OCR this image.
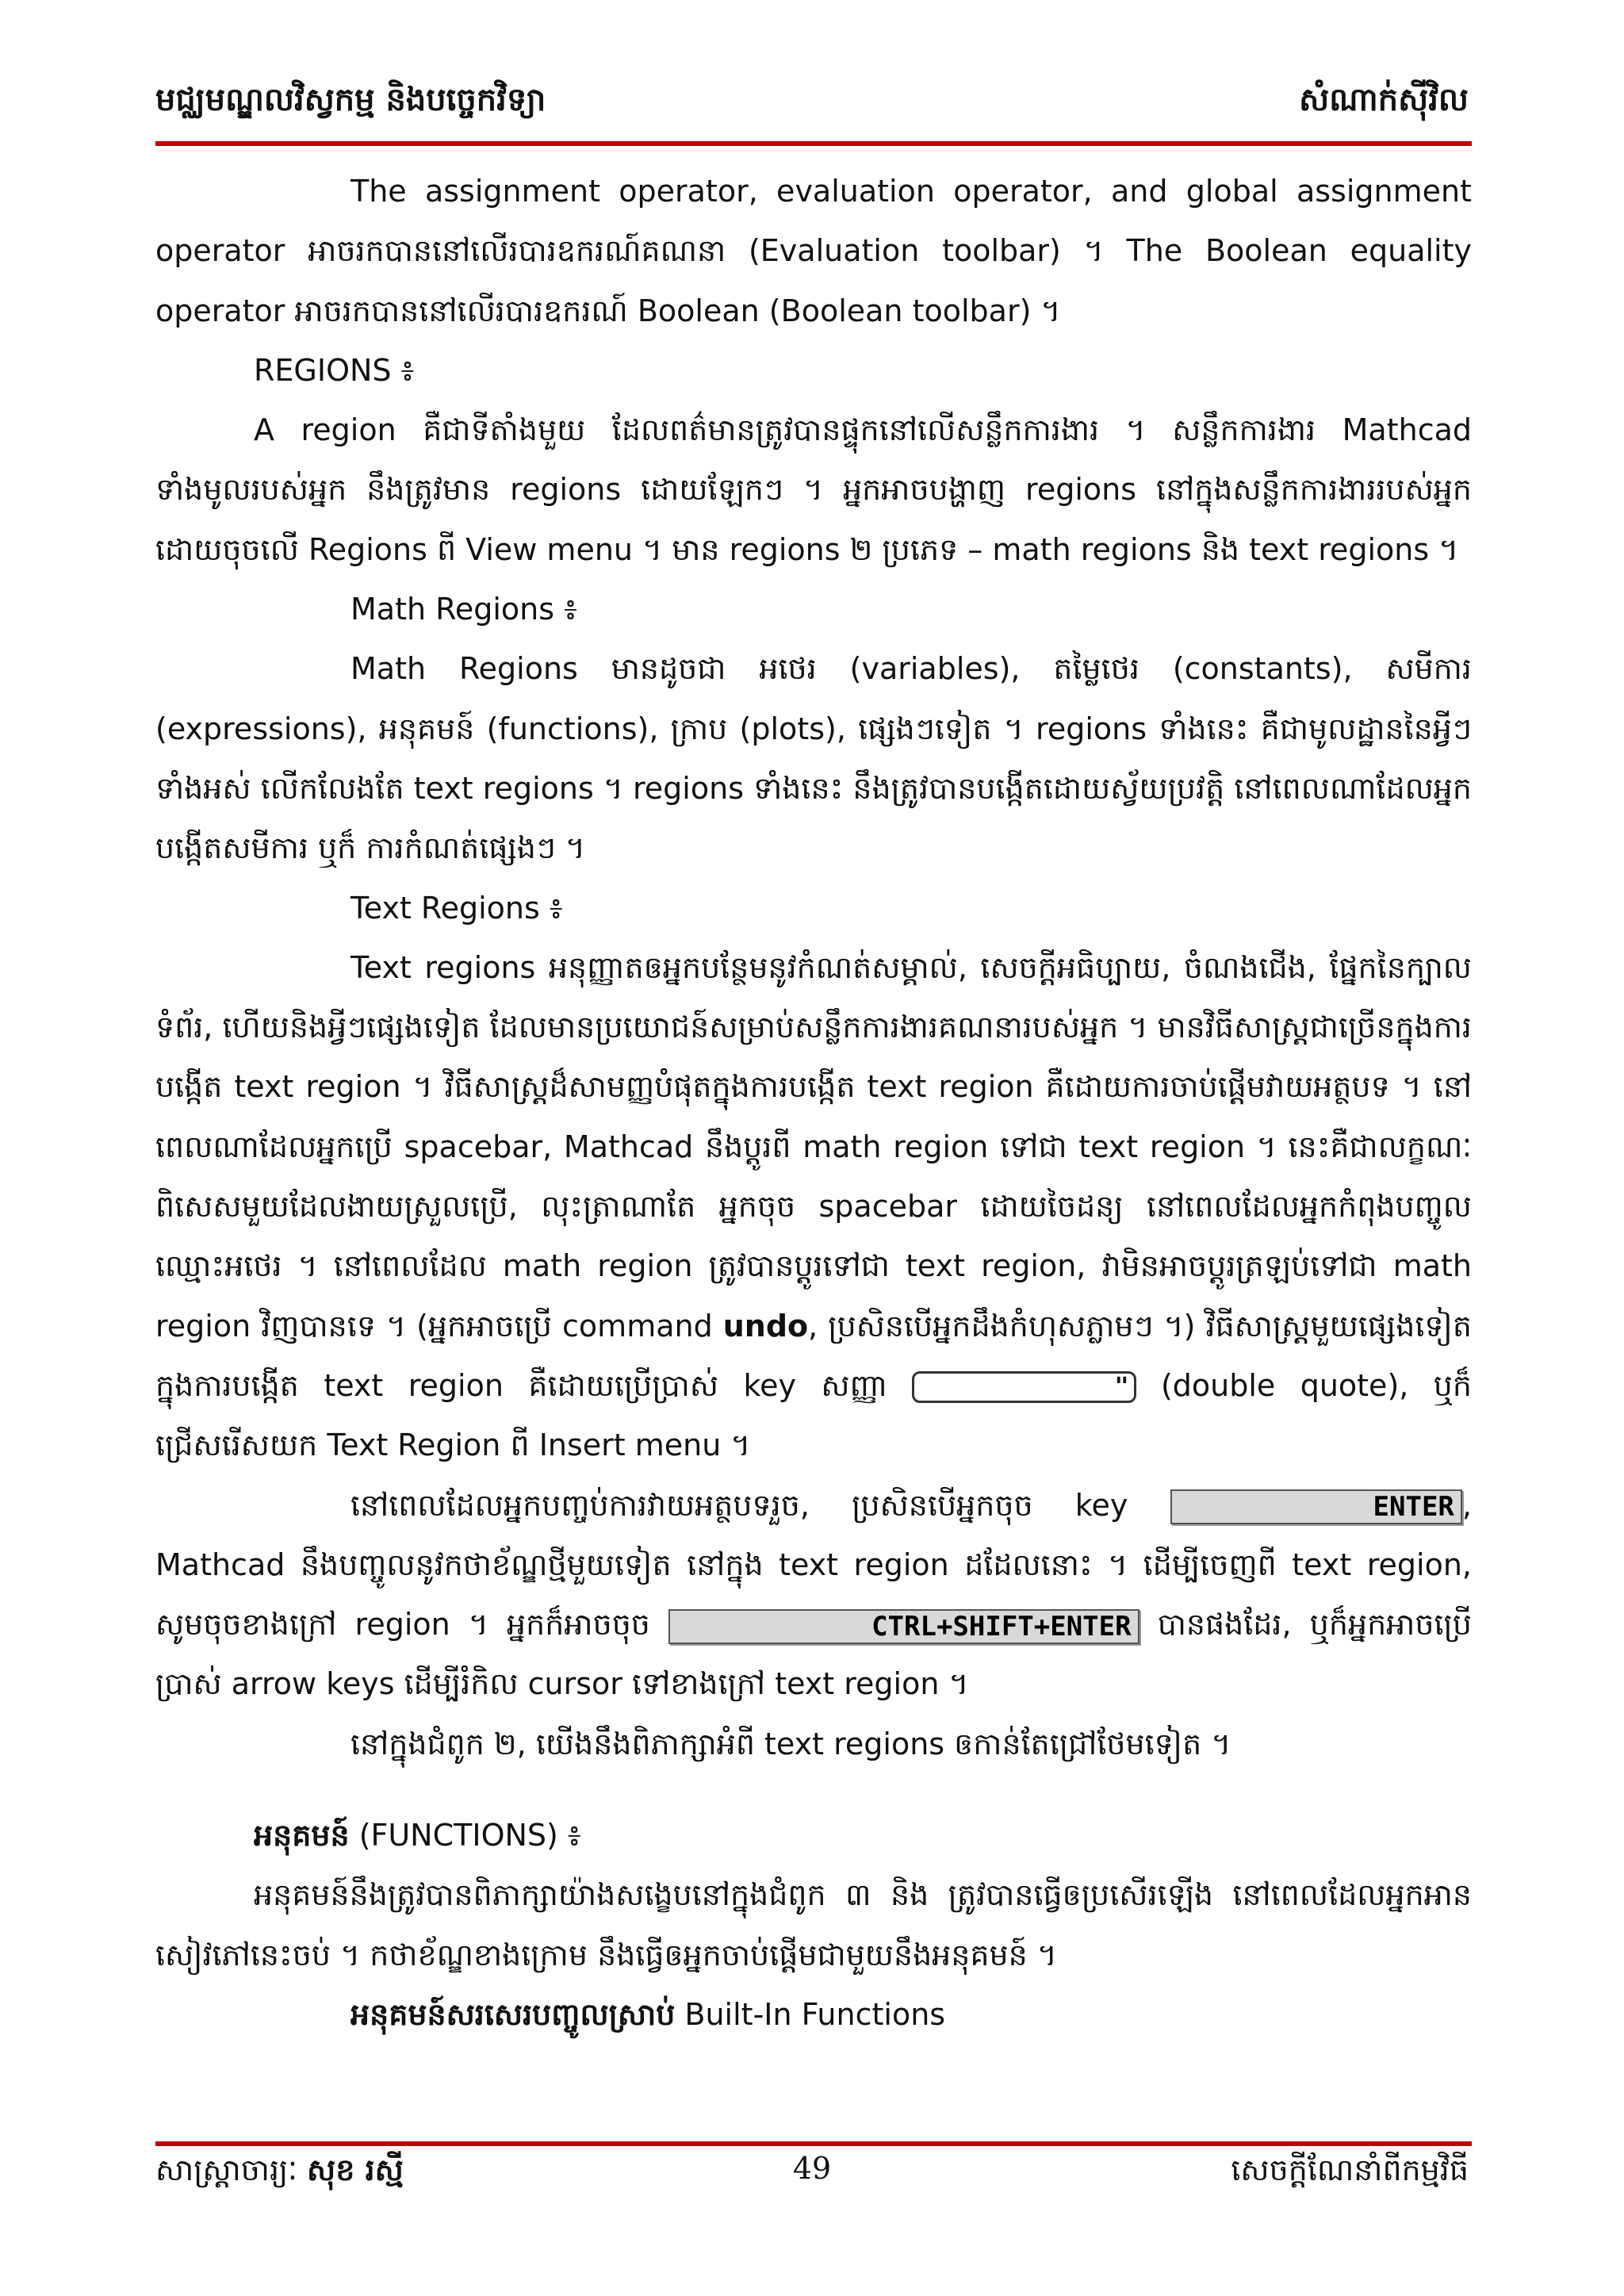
មជ្ឈមណ្ឌលវិស្វកម្ម និងបច្ចេកវិទ្យា	សំណាក់ស៊ីវិល

The assignment operator, evaluation operator, and global assignment operator អាចរកបាននៅលើរបារឧករណ៍គណនា (Evaluation toolbar) ។ The Boolean equality operator អាចរកបាននៅលើរបារឧករណ៍ Boolean (Boolean toolbar) ។

REGIONS ៖

A region គឺជាទីតាំងមួយ ដែលពត៌មានត្រូវបានផ្ទុកនៅលើសន្លឹកការងារ ។ សន្លឹកការងារ Mathcad ទាំងមូលរបស់អ្នក នឹងត្រូវមាន regions ដោយឡែកៗ ។ អ្នកអាចបង្ហាញ regions នៅក្នុងសន្លឹកការងាររបស់អ្នក ដោយចុចលើ Regions ពី View menu ។ មាន regions ២ ប្រភេទ – math regions និង text regions ។

Math Regions ៖

Math Regions មានដូចជា អថេរ (variables), តម្លៃថេរ (constants), សមីការ (expressions), អនុគមន៍ (functions), ក្រាប (plots), ផ្សេងៗទៀត ។ regions ទាំងនេះ គឺជាមូលដ្ឋាននៃអ្វីៗទាំងអស់ លើកលែងតែ text regions ។ regions ទាំងនេះ នឹងត្រូវបានបង្កើតដោយស្វ័យប្រវត្តិ នៅពេលណាដែលអ្នកបង្កើតសមីការ ឬក៏ ការកំណត់ផ្សេងៗ ។

Text Regions ៖

Text regions អនុញ្ញាតឲអ្នកបន្ថែមនូវកំណត់សម្គាល់, សេចក្តីអធិប្បាយ, ចំណងជើង, ផ្នែកនៃក្បាលទំព័រ, ហើយនិងអ្វីៗផ្សេងទៀត ដែលមានប្រយោជន៍សម្រាប់សន្លឹកការងារគណនារបស់អ្នក ។ មានវិធីសាស្រ្តជាច្រើនក្នុងការបង្កើត text region ។ វិធីសាស្រ្តដ៏សាមញ្ញបំផុតក្នុងការបង្កើត text region គឺដោយការចាប់ផ្តើមវាយអត្ថបទ ។ នៅពេលណាដែលអ្នកប្រើ spacebar, Mathcad នឹងប្តូរពី math region ទៅជា text region ។ នេះគឺជាលក្ខណៈពិសេសមួយដែលងាយស្រួលប្រើ, លុះត្រាណាតែ អ្នកចុច spacebar ដោយចៃដន្យ នៅពេលដែលអ្នកកំពុងបញ្ចូលឈ្មោះអថេរ ។ នៅពេលដែល math region ត្រូវបានប្តូរទៅជា text region, វាមិនអាចប្តូរត្រឡប់ទៅជា math region វិញបានទេ ។ (អ្នកអាចប្រើ command undo, ប្រសិនបើអ្នកដឹងកំហុសភ្លាមៗ ។) វិធីសាស្រ្តមួយផ្សេងទៀតក្នុងការបង្កើត text region គឺដោយប្រើប្រាស់ key សញ្ញា	" (double quote), ឬក៏ជ្រើសរើសយក Text Region ពី Insert menu ។

នៅពេលដែលអ្នកបញ្ចប់ការវាយអត្ថបទរួច, ប្រសិនបើអ្នកចុច key	ENTER , Mathcad នឹងបញ្ចូលនូវកថាខ័ណ្ឌថ្មីមួយទៀត នៅក្នុង text region ដដែលនោះ ។ ដើម្បីចេញពី text region, សូមចុចខាងក្រៅ region ។ អ្នកក៏អាចចុច	CTRL+SHIFT+ENTER បានផងដែរ, ឬក៏អ្នកអាចប្រើប្រាស់ arrow keys ដើម្បីរំកិល cursor ទៅខាងក្រៅ text region ។

នៅក្នុងជំពូក ២, យើងនឹងពិភាក្សាអំពី text regions ឲកាន់តែជ្រៅថែមទៀត ។

អនុគមន៍ (FUNCTIONS) ៖

អនុគមន៍នឹងត្រូវបានពិភាក្សាយ៉ាងសង្ខេបនៅក្នុងជំពូក ៣ និង ត្រូវបានធ្វើឲប្រសើរឡើង នៅពេលដែលអ្នកអានសៀវភៅនេះចប់ ។ កថាខ័ណ្ឌខាងក្រោម នឹងធ្វើឲអ្នកចាប់ផ្តើមជាមួយនឹងអនុគមន៍ ។

អនុគមន៍សរសេរបញ្ចូលស្រាប់ Built-In Functions

សាស្រ្តាចារ្យៈ សុខ រស្មី	49	សេចក្តីណែនាំពីកម្មវិធី
